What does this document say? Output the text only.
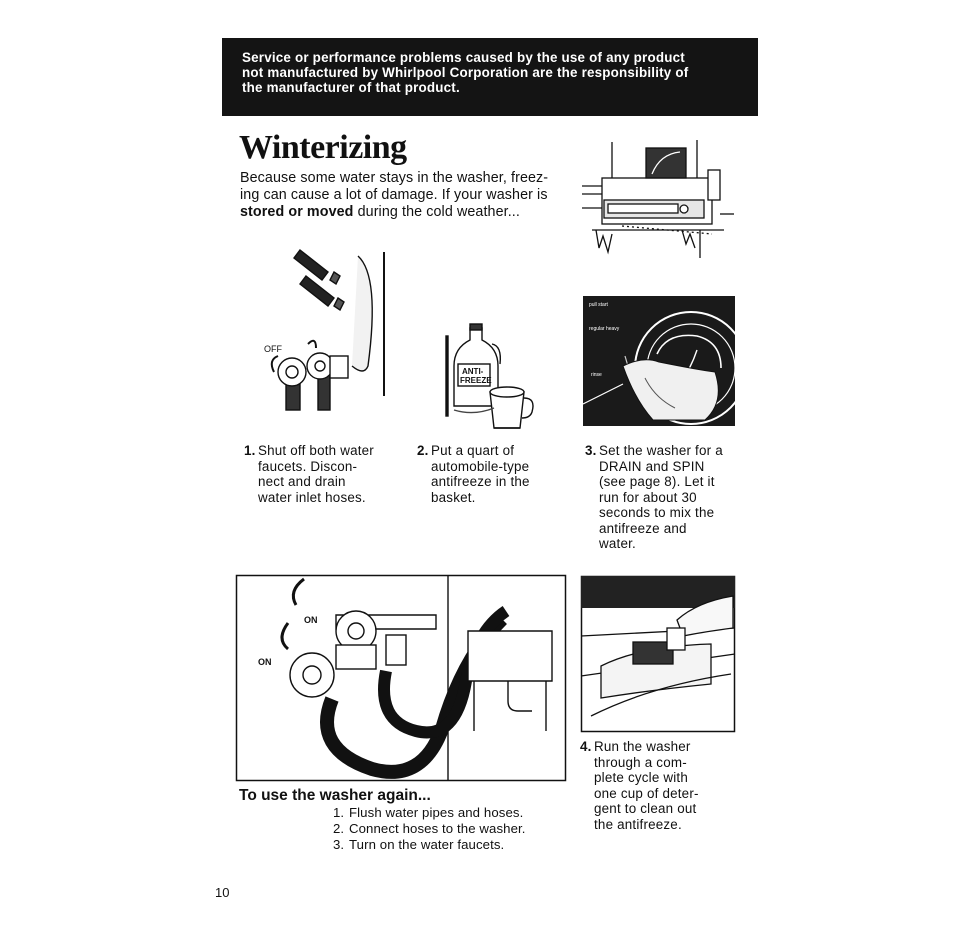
Service or performance problems caused by the use of any product
not manufactured by Whirlpool Corporation are the responsibility of
the manufacturer of that product.
Winterizing
Because some water stays in the washer, freez-
ing can cause a lot of damage. If your washer is
stored or moved during the cold weather...
OFF
ANTI-
FREEZE
pull start
regular heavy
rinse
1. Shut off both water
faucets. Discon-
nect and drain
water inlet hoses.
2. Put a quart of
automobile-type
antifreeze in the
basket.
3. Set the washer for a
DRAIN and SPIN
(see page 8). Let it
run for about 30
seconds to mix the
antifreeze and
water.
ON
ON
4. Run the washer
through a com-
plete cycle with
one cup of deter-
gent to clean out
the antifreeze.
To use the washer again...
1. Flush water pipes and hoses.
2. Connect hoses to the washer.
3. Turn on the water faucets.
10
